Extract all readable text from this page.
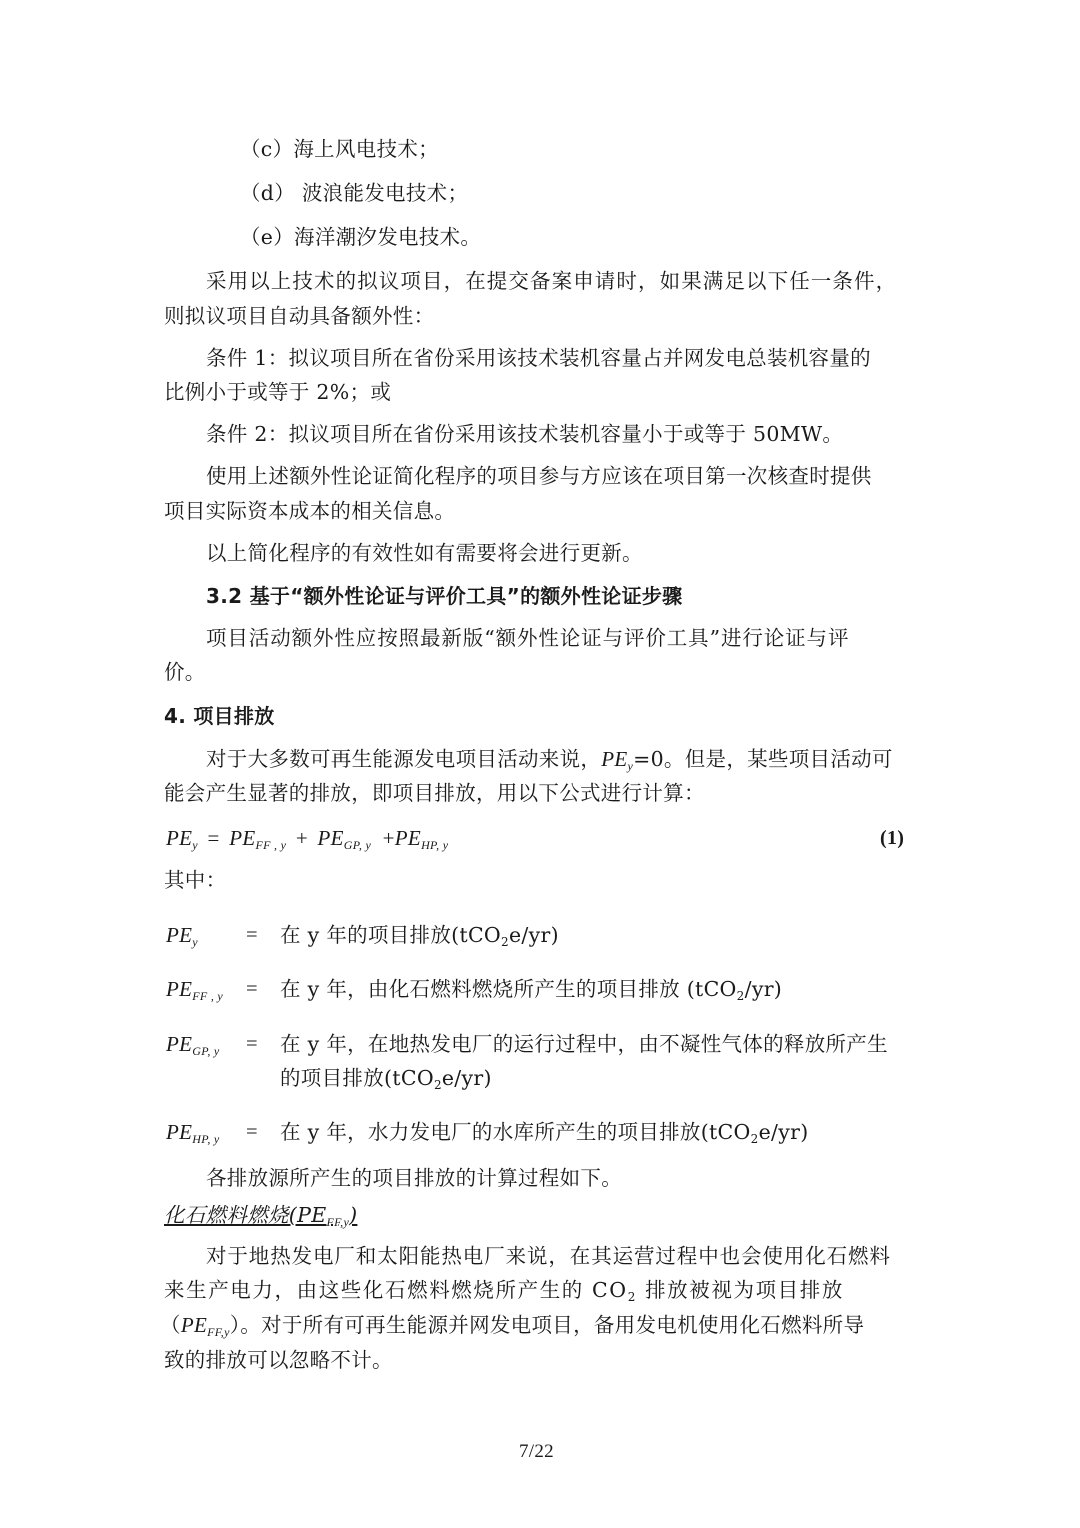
（c）海上风电技术；
（d） 波浪能发电技术；
（e）海洋潮汐发电技术。
采用以上技术的拟议项目，在提交备案申请时，如果满足以下任一条件，
则拟议项目自动具备额外性：
条件 1：拟议项目所在省份采用该技术装机容量占并网发电总装机容量的
比例小于或等于 2%；或
条件 2：拟议项目所在省份采用该技术装机容量小于或等于 50MW。
使用上述额外性论证简化程序的项目参与方应该在项目第一次核查时提供
项目实际资本成本的相关信息。
以上简化程序的有效性如有需要将会进行更新。
3.2 基于“额外性论证与评价工具”的额外性论证步骤
项目活动额外性应按照最新版“额外性论证与评价工具”进行论证与评
价。
4. 项目排放
对于大多数可再生能源发电项目活动来说，$PE_y=0$。但是，某些项目活动可
能会产生显著的排放，即项目排放，用以下公式进行计算：
$PE_y = PE_{FF , y} + PE_{GP, y} +PE_{HP, y}$	(1)
其中：
$PE_y$ = 在 y 年的项目排放(tCO$_2$e/yr)
$PE_{FF , y}$ = 在 y 年，由化石燃料燃烧所产生的项目排放 (tCO$_2$/yr)
$PE_{GP, y}$ = 在 y 年，在地热发电厂的运行过程中，由不凝性气体的释放所产生
的项目排放(tCO$_2$e/yr)
$PE_{HP, y}$ = 在 y 年，水力发电厂的水库所产生的项目排放(tCO$_2$e/yr)
各排放源所产生的项目排放的计算过程如下。
化石燃料燃烧$(PE_{FF,y})$
对于地热发电厂和太阳能热电厂来说，在其运营过程中也会使用化石燃料
来生产电力，由这些化石燃料燃烧所产生的 $CO_2$ 排放被视为项目排放
$(PE_{FF,y})$。对于所有可再生能源并网发电项目，备用发电机使用化石燃料所导
致的排放可以忽略不计。
7/22
